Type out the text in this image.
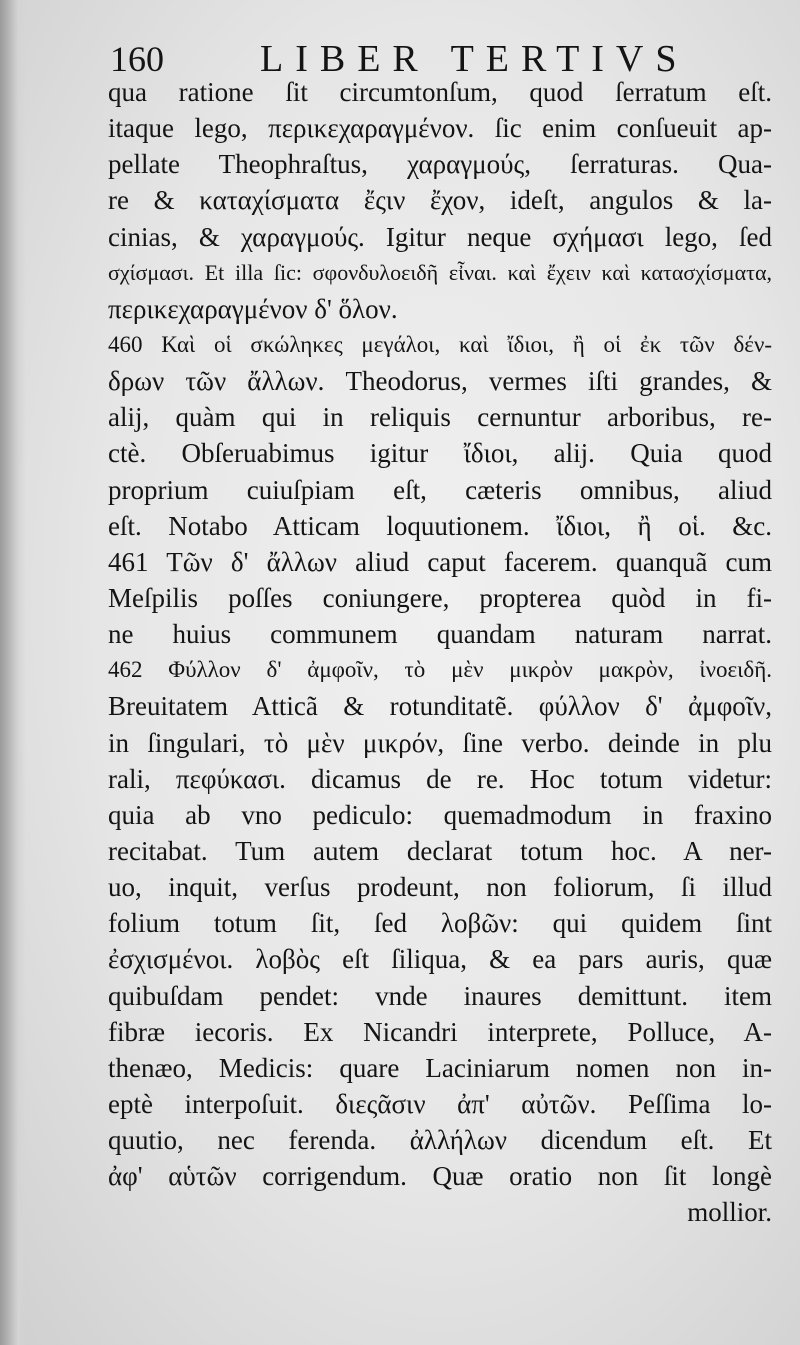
160	LIBER TERTIVS
qua ratione ſit circumtonſum, quod ſerratum eſt.
itaque lego, περικεχαραγμένον. ſic enim conſueuit ap-
pellate Theophraſtus, χαραγμούς, ſerraturas. Qua-
re & καταχίσματα ἔςιν ἔχον, ideſt, angulos & la-
cinias, & χαραγμούς. Igitur neque σχήμασι lego, ſed
σχίσμασι. Et illa ſic: σφονδυλοειδῆ εἶναι. καὶ ἔχειν καὶ κατασχίσματα,
περικεχαραγμένον δ' ὅλον.
460 Καὶ οἱ σκώληκες μεγάλοι, καὶ ἴδιοι, ἢ οἱ ἐκ τῶν δέν-
δρων τῶν ἄλλων. Theodorus, vermes iſti grandes, &
alij, quàm qui in reliquis cernuntur arboribus, re-
ctè. Obſeruabimus igitur ἴδιοι, alij. Quia quod
proprium cuiuſpiam eſt, cæteris omnibus, aliud
eſt. Notabo Atticam loquutionem. ἴδιοι, ἢ οἱ. &c.
461 Τῶν δ' ἄλλων aliud caput facerem. quanquã cum
Meſpilis poſſes coniungere, propterea quòd in fi-
ne huius communem quandam naturam narrat.
462 Φύλλον δ' ἀμφοῖν, τὸ μὲν μικρὸν μακρὸν, ἰνοειδῆ.
Breuitatem Atticã & rotunditatẽ. φύλλον δ' ἀμφοῖν,
in ſingulari, τὸ μὲν μικρόν, ſine verbo. deinde in plu
rali, πεφύκασι. dicamus de re. Hoc totum videtur:
quia ab vno pediculo: quemadmodum in fraxino
recitabat. Tum autem declarat totum hoc. A ner-
uo, inquit, verſus prodeunt, non foliorum, ſi illud
folium totum ſit, ſed λοβῶν: qui quidem ſint
ἐσχισμένοι. λοβὸς eſt ſiliqua, & ea pars auris, quæ
quibuſdam pendet: vnde inaures demittunt. item
fibræ iecoris. Ex Nicandri interprete, Polluce, A-
thenæo, Medicis: quare Laciniarum nomen non in-
eptè interpoſuit. διεςᾶσιν ἀπ' αὐτῶν. Peſſima lo-
quutio, nec ferenda. ἀλλήλων dicendum eſt. Et
ἀφ' αὑτῶν corrigendum. Quæ oratio non ſit longè
mollior.
